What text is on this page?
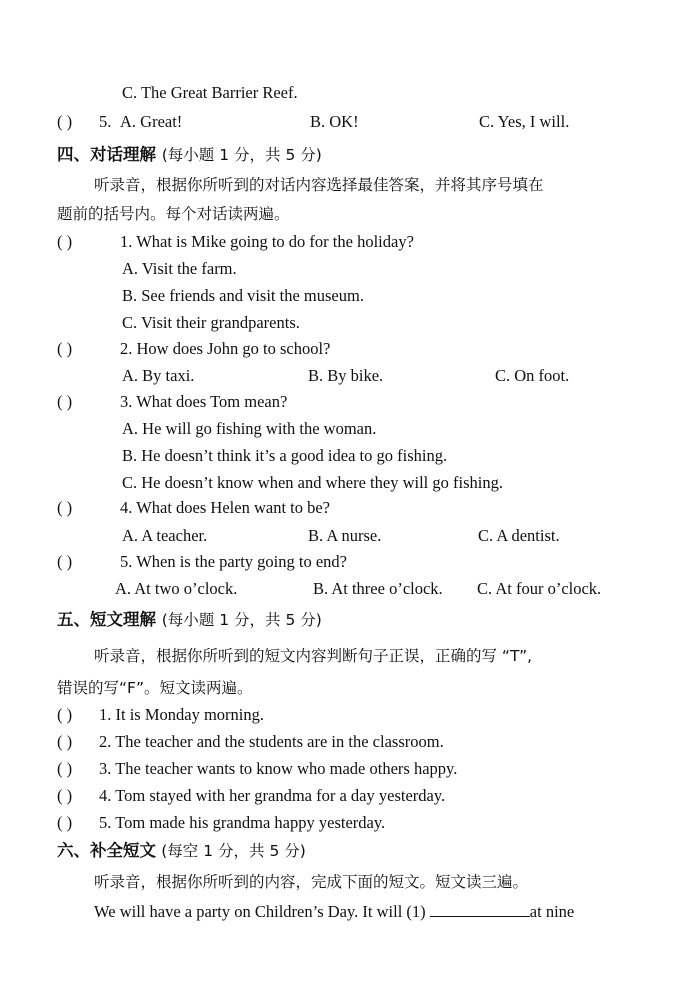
C. The Great Barrier Reef.
( ) 5. A. Great!	B. OK!	C. Yes, I will.
四、对话理解 (每小题 1 分，共 5 分)
听录音，根据你所听到的对话内容选择最佳答案，并将其序号填在
题前的括号内。每个对话读两遍。
( )	1. What is Mike going to do for the holiday?
A. Visit the farm.
B. See friends and visit the museum.
C. Visit their grandparents.
( )	2. How does John go to school?
A. By taxi.	B. By bike.	C. On foot.
( )	3. What does Tom mean?
A. He will go fishing with the woman.
B. He doesn’t think it’s a good idea to go fishing.
C. He doesn’t know when and where they will go fishing.
( )	4. What does Helen want to be?
A. A teacher.	B. A nurse.	C. A dentist.
( )	5. When is the party going to end?
A. At two o’clock.	B. At three o’clock. C. At four o’clock.
五、短文理解 (每小题 1 分，共 5 分)
听录音，根据你所听到的短文内容判断句子正误，正确的写 “T”,
错误的写“F”。短文读两遍。
( ) 1. It is Monday morning.
( ) 2. The teacher and the students are in the classroom.
( ) 3. The teacher wants to know who made others happy.
( ) 4. Tom stayed with her grandma for a day yesterday.
( ) 5. Tom made his grandma happy yesterday.
六、补全短文 (每空 1 分，共 5 分)
听录音，根据你所听到的内容，完成下面的短文。短文读三遍。
We will have a party on Children’s Day. It will (1)	at nine
